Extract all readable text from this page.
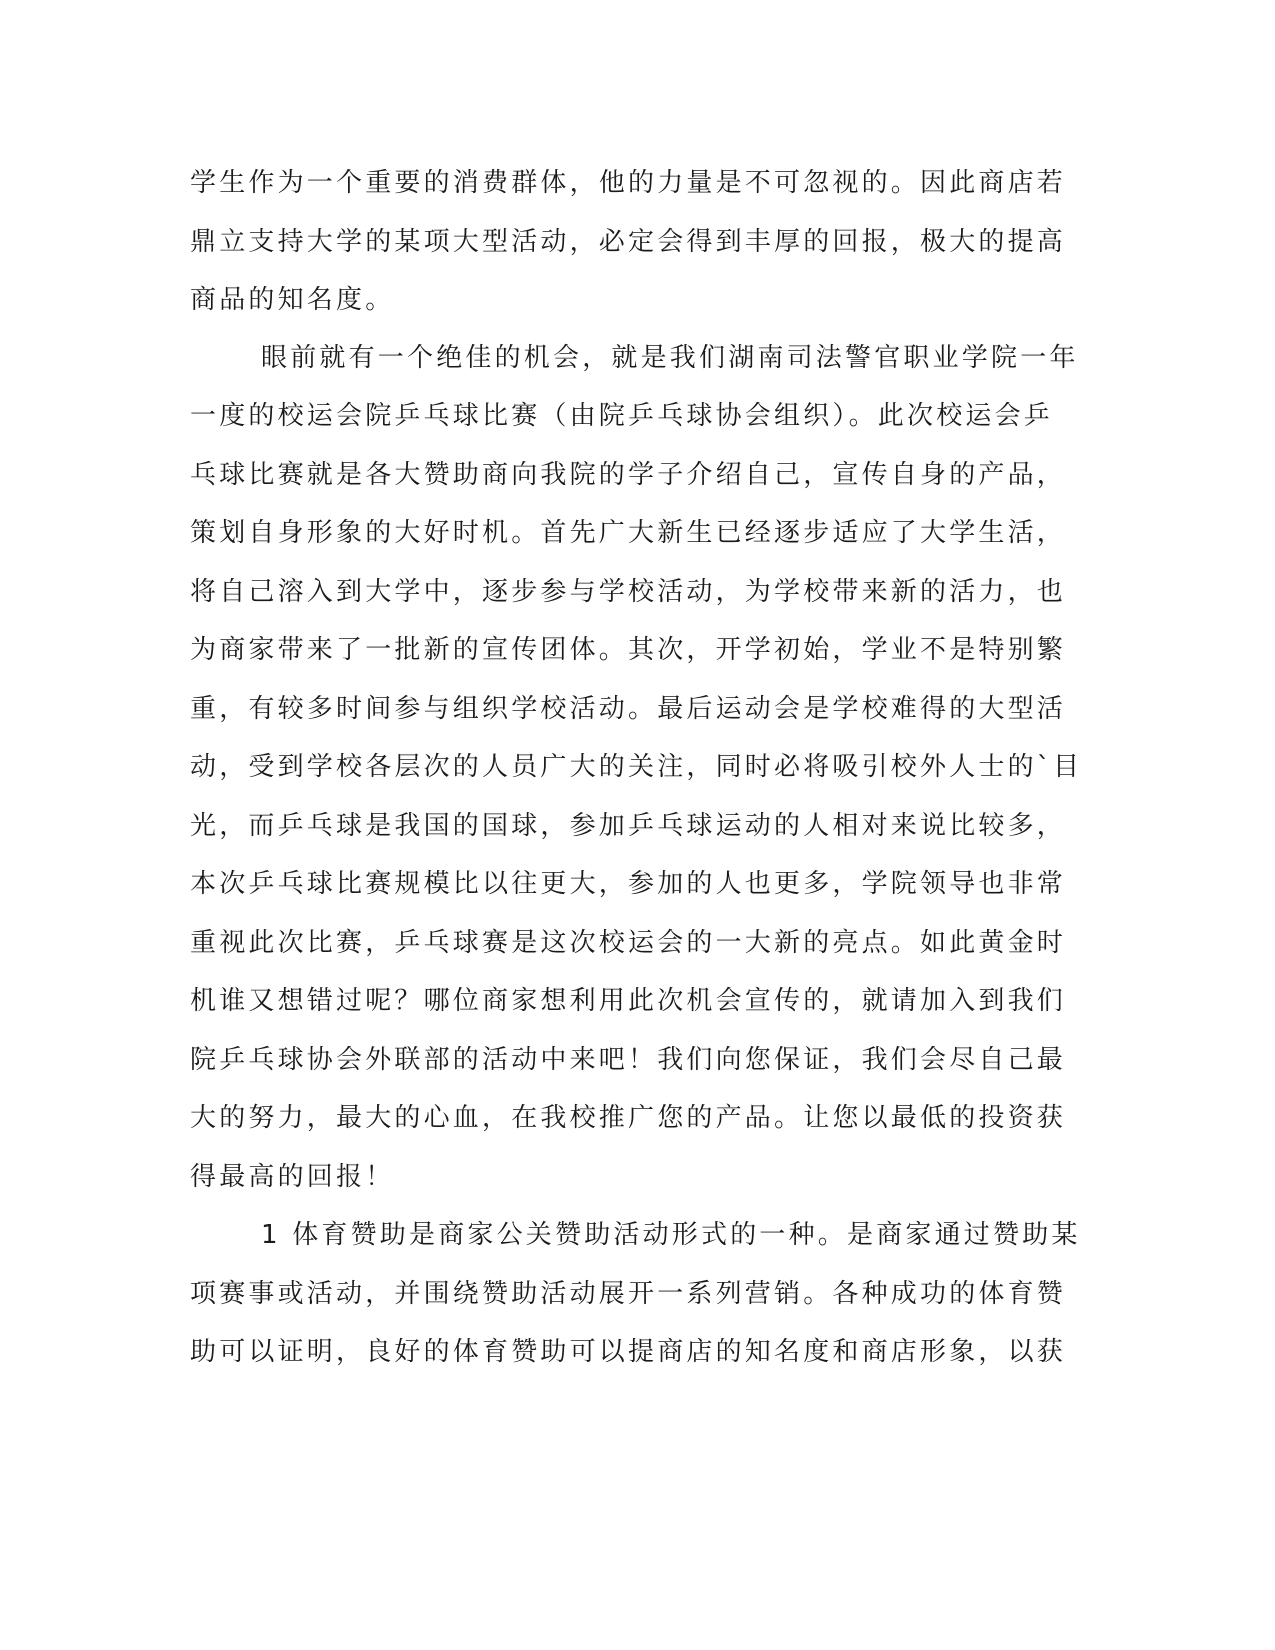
学生作为一个重要的消费群体，他的力量是不可忽视的。因此商店若

鼎立支持大学的某项大型活动，必定会得到丰厚的回报，极大的提高

商品的知名度。

眼前就有一个绝佳的机会，就是我们湖南司法警官职业学院一年

一度的校运会院乒乓球比赛（由院乒乓球协会组织）。此次校运会乒

乓球比赛就是各大赞助商向我院的学子介绍自己，宣传自身的产品，

策划自身形象的大好时机。首先广大新生已经逐步适应了大学生活，

将自己溶入到大学中，逐步参与学校活动，为学校带来新的活力，也

为商家带来了一批新的宣传团体。其次，开学初始，学业不是特别繁

重，有较多时间参与组织学校活动。最后运动会是学校难得的大型活

动，受到学校各层次的人员广大的关注，同时必将吸引校外人士的`目

光，而乒乓球是我国的国球，参加乒乓球运动的人相对来说比较多，

本次乒乓球比赛规模比以往更大，参加的人也更多，学院领导也非常

重视此次比赛，乒乓球赛是这次校运会的一大新的亮点。如此黄金时

机谁又想错过呢？哪位商家想利用此次机会宣传的，就请加入到我们

院乒乓球协会外联部的活动中来吧！我们向您保证，我们会尽自己最

大的努力，最大的心血，在我校推广您的产品。让您以最低的投资获

得最高的回报！

1 体育赞助是商家公关赞助活动形式的一种。是商家通过赞助某

项赛事或活动，并围绕赞助活动展开一系列营销。各种成功的体育赞

助可以证明，良好的体育赞助可以提商店的知名度和商店形象，以获
